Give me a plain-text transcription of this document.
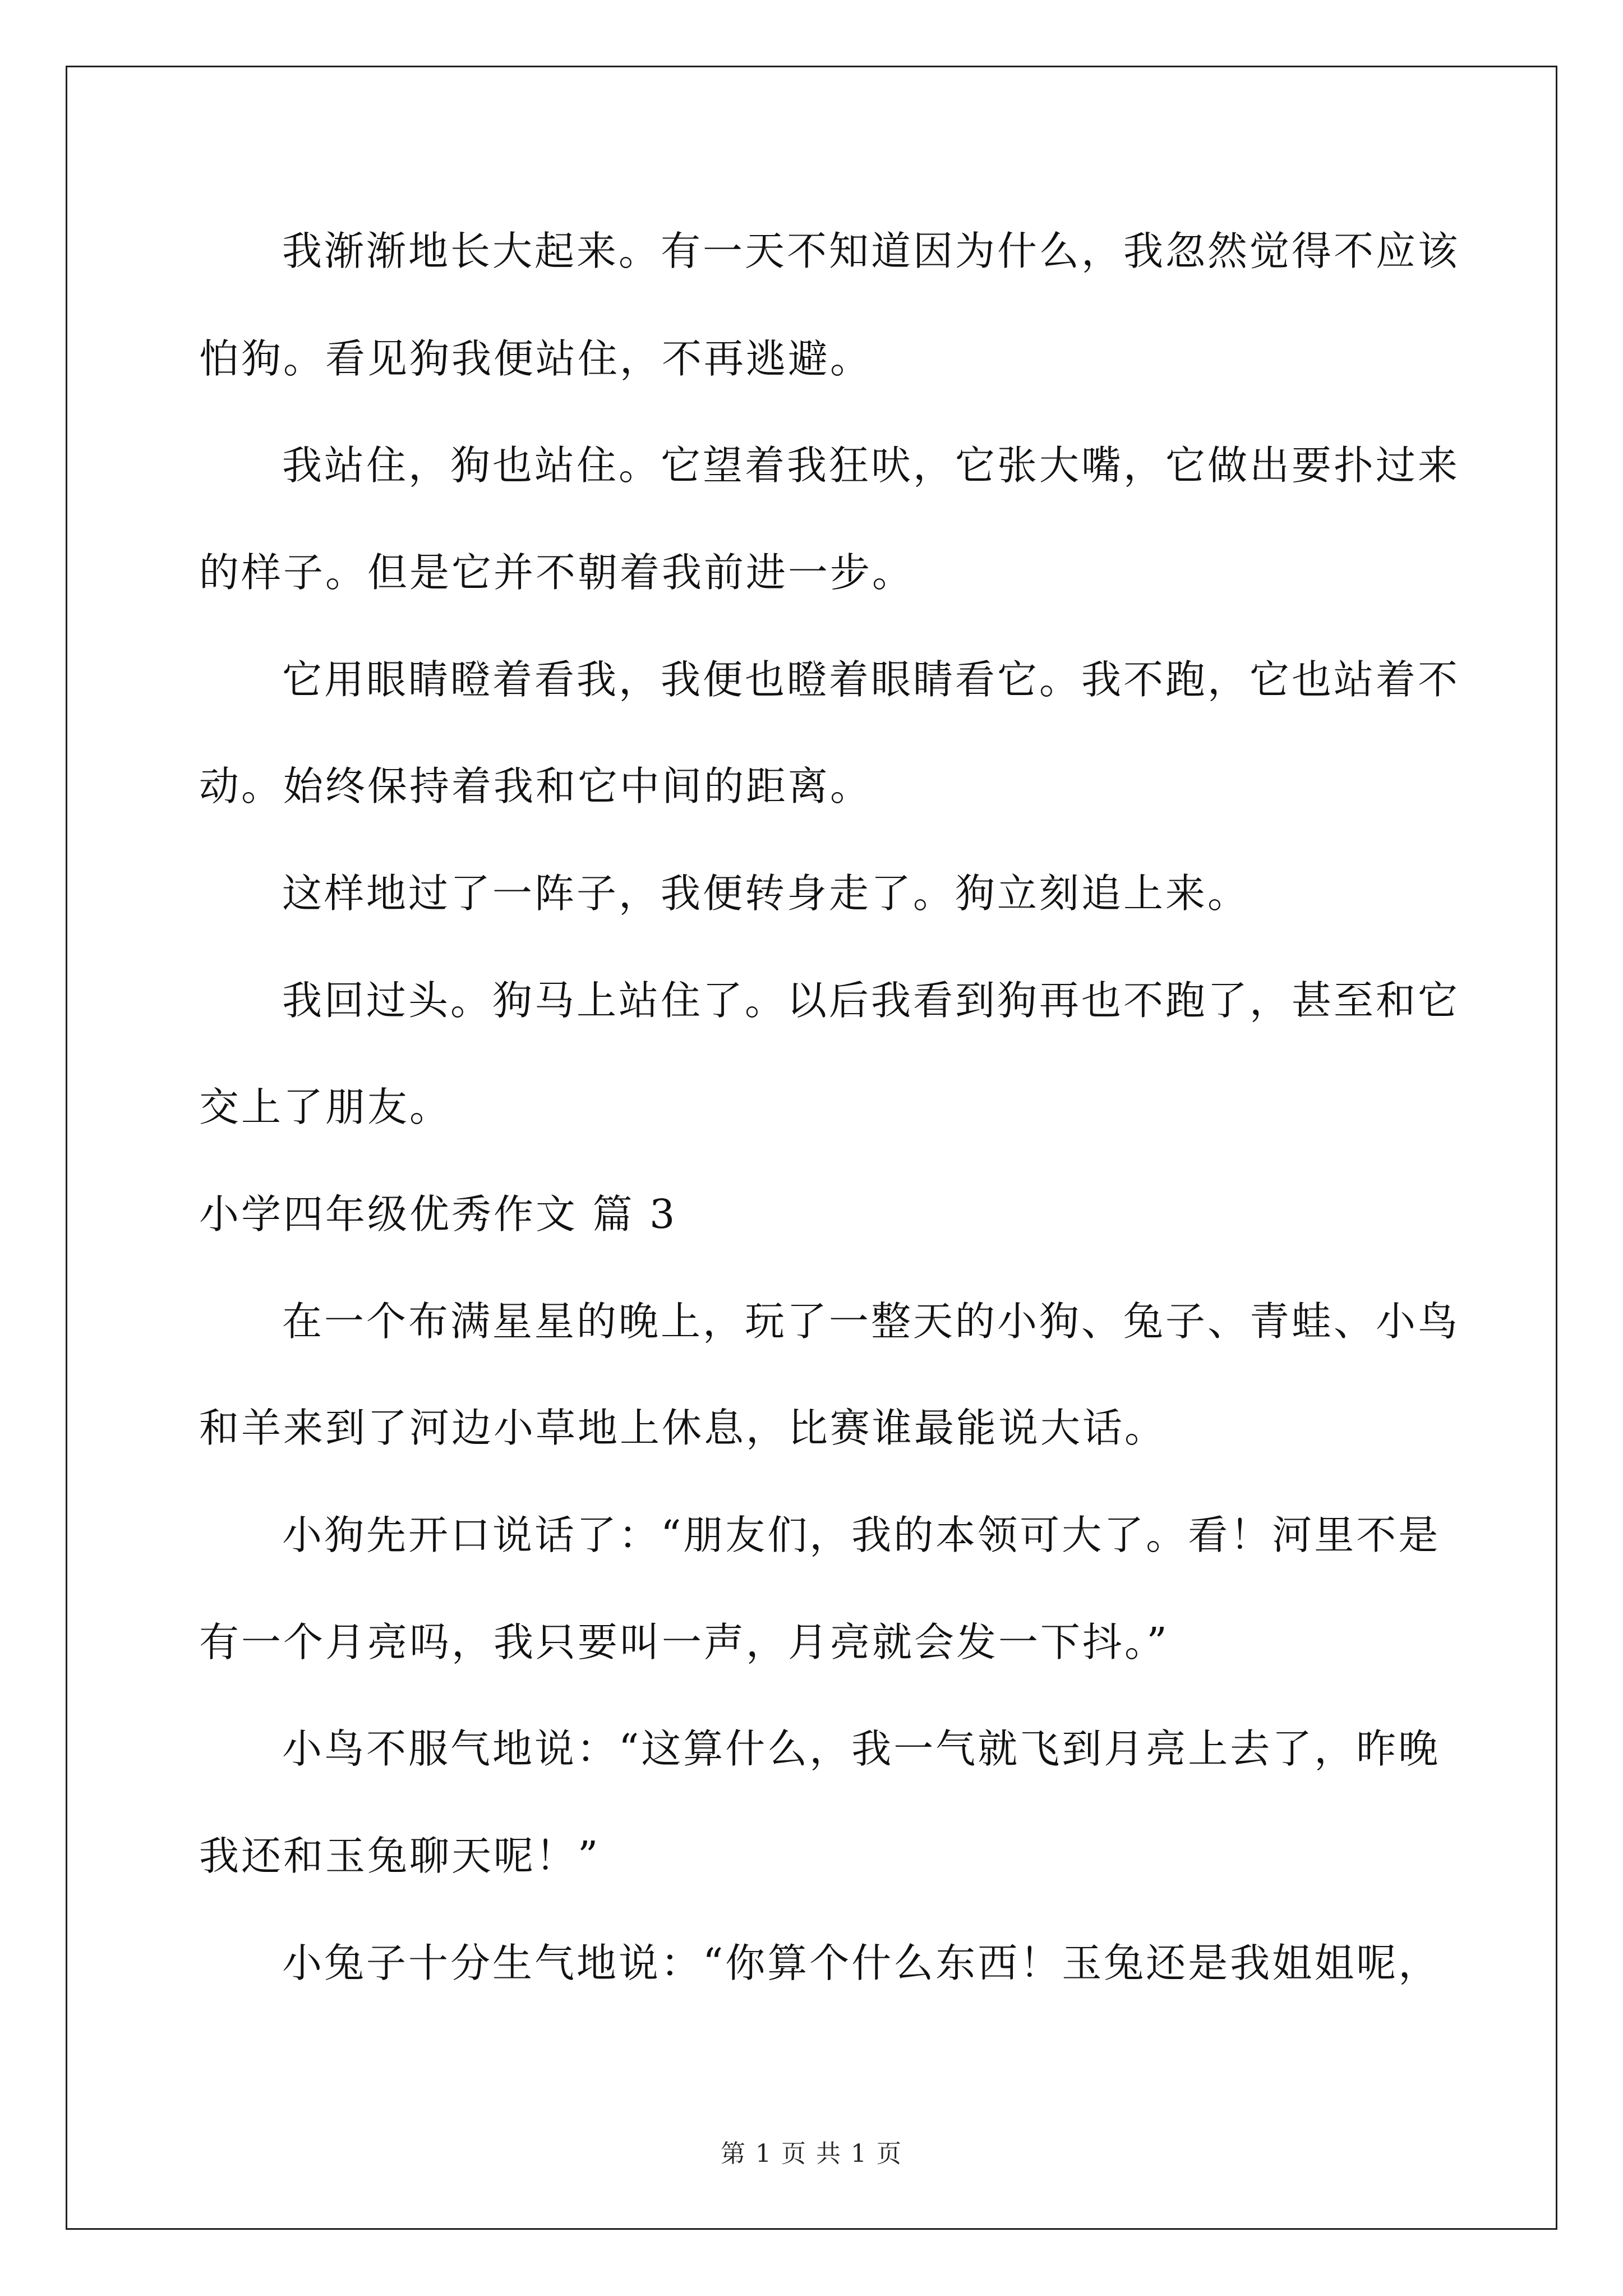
我渐渐地长大起来。有一天不知道因为什么，我忽然觉得不应该
怕狗。看见狗我便站住，不再逃避。
我站住，狗也站住。它望着我狂吠，它张大嘴，它做出要扑过来
的样子。但是它并不朝着我前进一步。
它用眼睛瞪着看我，我便也瞪着眼睛看它。我不跑，它也站着不
动。始终保持着我和它中间的距离。
这样地过了一阵子，我便转身走了。狗立刻追上来。
我回过头。狗马上站住了。以后我看到狗再也不跑了，甚至和它
交上了朋友。
小学四年级优秀作文 篇 3
在一个布满星星的晚上，玩了一整天的小狗、兔子、青蛙、小鸟
和羊来到了河边小草地上休息，比赛谁最能说大话。
小狗先开口说话了：“朋友们，我的本领可大了。看！河里不是
有一个月亮吗，我只要叫一声，月亮就会发一下抖。”
小鸟不服气地说：“这算什么，我一气就飞到月亮上去了，昨晚
我还和玉兔聊天呢！”
小兔子十分生气地说：“你算个什么东西！玉兔还是我姐姐呢，
第 1 页 共 1 页
